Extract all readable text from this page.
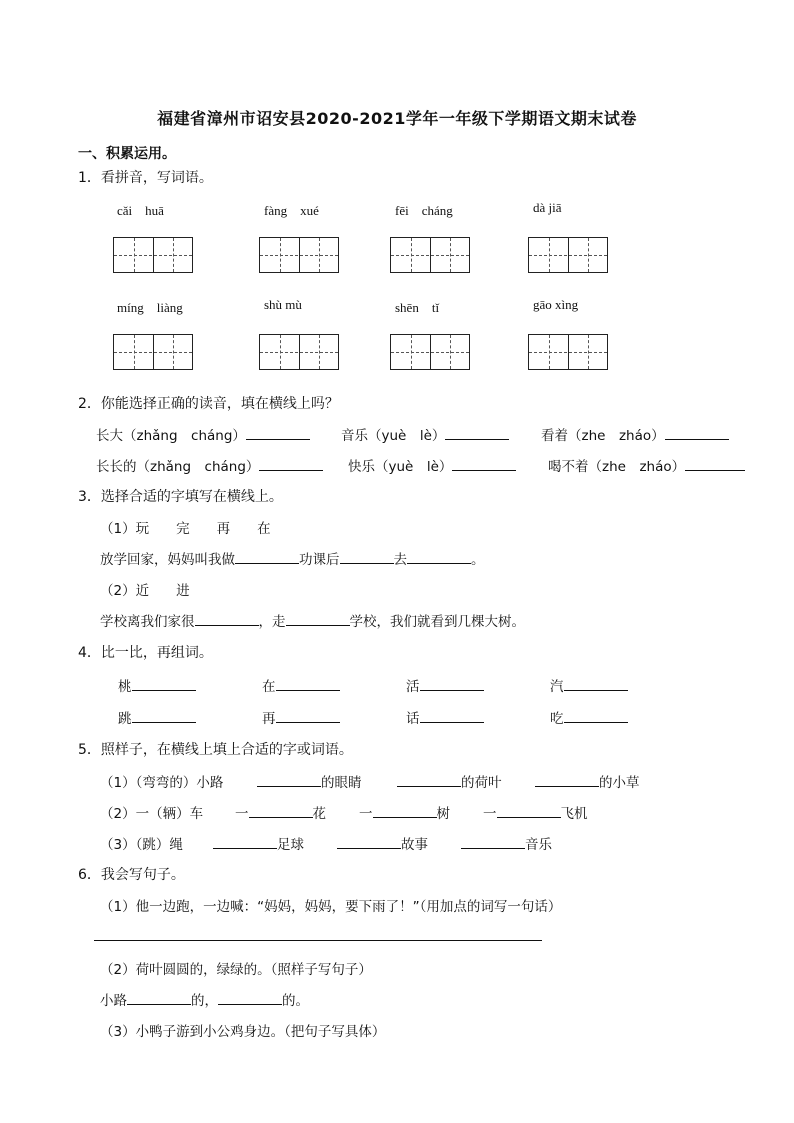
福建省漳州市诏安县2020-2021学年一年级下学期语文期末试卷
一、积累运用。
1．看拼音，写词语。
cǎi　huā	fàng　xué	fēi　cháng	dà jiā
míng　liàng	shù mù	shēn　tǐ	gāo xìng
2．你能选择正确的读音，填在横线上吗？
长大（zhǎng　cháng）	音乐（yuè　lè）	看着（zhe　zháo）
长长的（zhǎng　cháng）	快乐（yuè　lè）	喝不着（zhe　zháo）
3．选择合适的字填写在横线上。
（1）玩　　完　　再　　在
放学回家，妈妈叫我做	功课后	去	。
（2）近　　进
学校离我们家很	，走	学校，我们就看到几棵大树。
4．比一比，再组词。
桃	在	活	汽
跳	再	话	吃
5．照样子，在横线上填上合适的字或词语。
（1）（弯弯的）小路	的眼睛	的荷叶	的小草
（2）一（辆）车 一	花 一	树 一	飞机
（3）（跳）绳	足球	故事	音乐
6．我会写句子。
（1）他一边跑，一边喊：“妈妈，妈妈，要下雨了！”（用加点的词写一句话）
（2）荷叶圆圆的，绿绿的。（照样子写句子）
小路	的，	的。
（3）小鸭子游到小公鸡身边。（把句子写具体）
